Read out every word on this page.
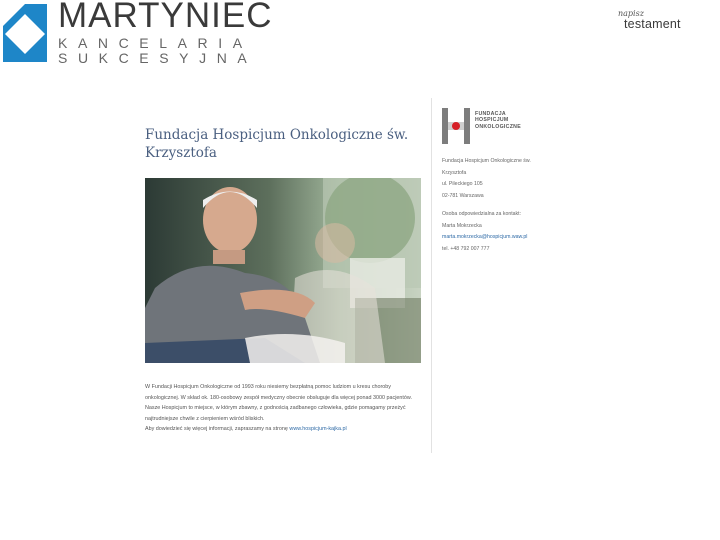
MARTYNIEC
KANCELARIA
SUKCESYJNA
napisz
testament
Fundacja Hospicjum Onkologiczne św. Krzysztofa
W Fundacji Hospicjum Onkologiczne od 1993 roku niesiemy bezpłatną pomoc ludziom u kresu choroby onkologicznej. W skład ok. 180-osobowy zespół medyczny obecnie obsługuje dla więcej ponad 3000 pacjentów. Nasze Hospicjum to miejsce, w którym zbawny, z godnością zadbanego człowieka, gdzie pomagamy przeżyć najtrudniejsze chwile z cierpieniem wśród bliskich.
Aby dowiedzieć się więcej informacji, zapraszamy na stronę www.hospicjum-kajka.pl
FUNDACJA
HOSPICJUM
ONKOLOGICZNE
Fundacja Hospicjum Onkologiczne św. Krzysztofa
ul. Pileckiego 105
02-781 Warszawa
Osoba odpowiedzialna za kontakt:
Marta Mokrzecka
marta.mokrzecka@hospicjum.waw.pl
tel. +48 792 007 777
